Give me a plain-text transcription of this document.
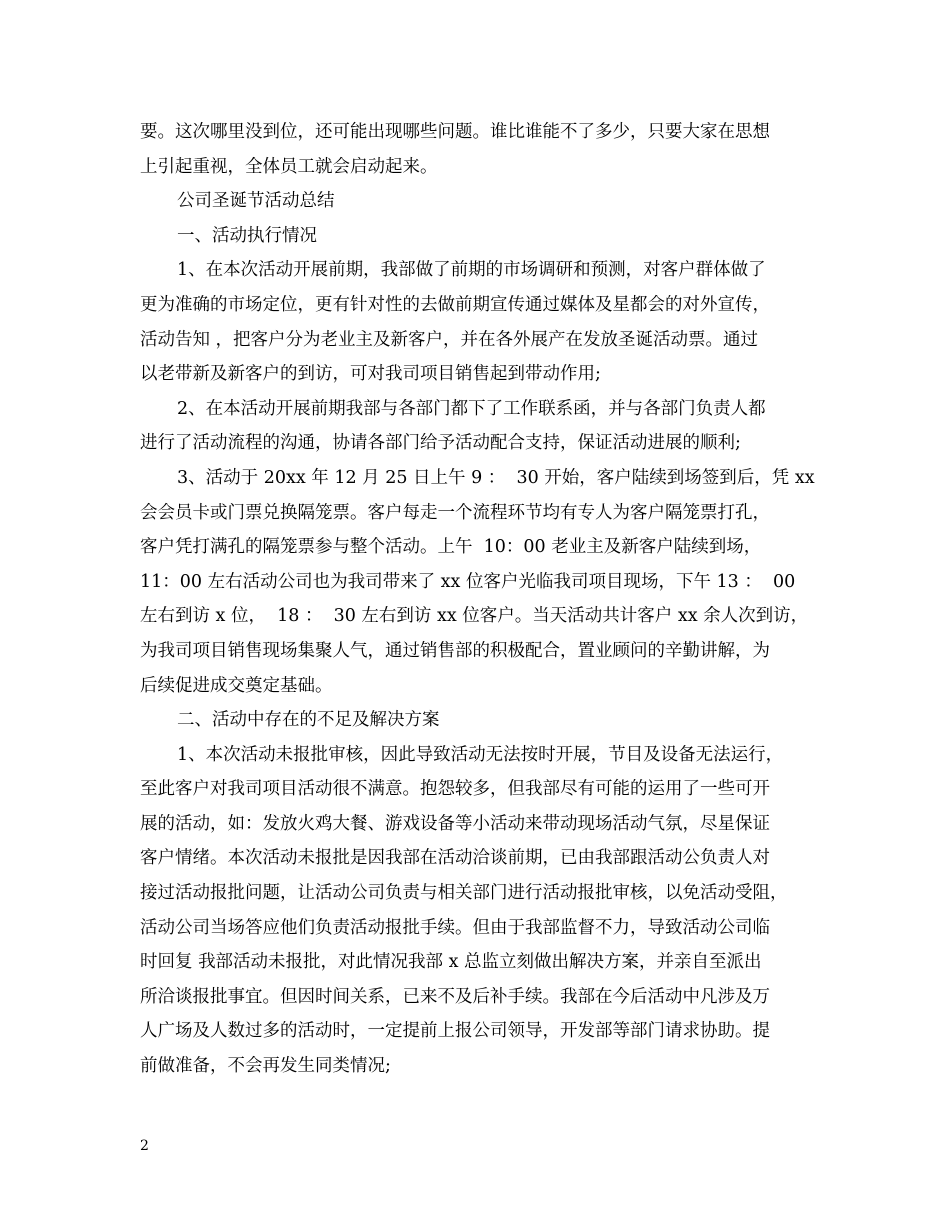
要。这次哪里没到位，还可能出现哪些问题。谁比谁能不了多少，只要大家在思想
上引起重视，全体员工就会启动起来。
公司圣诞节活动总结
一、活动执行情况
1、在本次活动开展前期，我部做了前期的市场调研和预测，对客户群体做了
更为准确的市场定位，更有针对性的去做前期宣传通过媒体及星都会的对外宣传，
活动告知 ，把客户分为老业主及新客户，并在各外展产在发放圣诞活动票。通过
以老带新及新客户的到访，可对我司项目销售起到带动作用;
2、在本活动开展前期我部与各部门都下了工作联系函，并与各部门负责人都
进行了活动流程的沟通，协请各部门给予活动配合支持，保证活动进展的顺利;
3、活动于 20xx 年 12 月 25 日上午 9 ：  30 开始，客户陆续到场签到后，凭 xx
会会员卡或门票兑换隔笼票。客户每走一个流程环节均有专人为客户隔笼票打孔，
客户凭打满孔的隔笼票参与整个活动。上午  10：00 老业主及新客户陆续到场，
11：00 左右活动公司也为我司带来了 xx 位客户光临我司项目现场，下午 13 ：  00
左右到访 x 位，  18 ：  30 左右到访 xx 位客户。当天活动共计客户 xx 余人次到访，
为我司项目销售现场集聚人气，通过销售部的积极配合，置业顾问的辛勤讲解，为
后续促进成交奠定基础。
二、活动中存在的不足及解决方案
1、本次活动未报批审核，因此导致活动无法按时开展，节目及设备无法运行，
至此客户对我司项目活动很不满意。抱怨较多，但我部尽有可能的运用了一些可开
展的活动，如：发放火鸡大餐、游戏设备等小活动来带动现场活动气氛，尽星保证
客户情绪。本次活动未报批是因我部在活动洽谈前期，已由我部跟活动公负责人对
接过活动报批问题，让活动公司负责与相关部门进行活动报批审核，以免活动受阻，
活动公司当场答应他们负责活动报批手续。但由于我部监督不力，导致活动公司临
时回复 我部活动未报批，对此情况我部 x 总监立刻做出解决方案，并亲自至派出
所洽谈报批事宜。但因时间关系，已来不及后补手续。我部在今后活动中凡涉及万
人广场及人数过多的活动时，一定提前上报公司领导，开发部等部门请求协助。提
前做准备，不会再发生同类情况;
2
